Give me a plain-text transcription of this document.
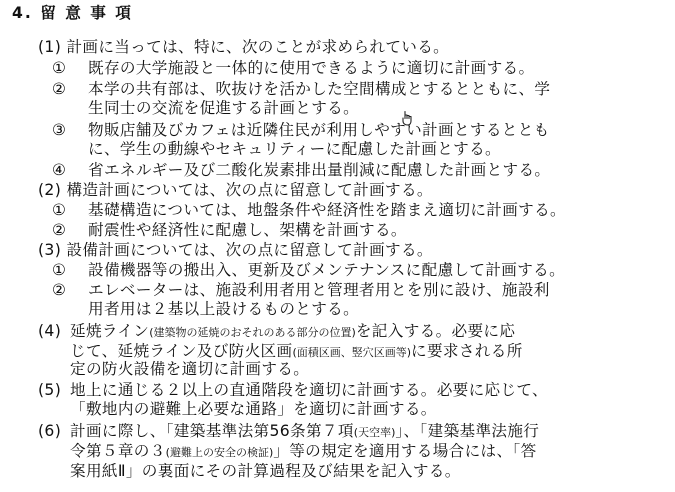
4. 留 意 事 項
(1) 計画に当っては、特に、次のことが求められている。
① 既存の大学施設と一体的に使用できるように適切に計画する。
② 本学の共有部は、吹抜けを活かした空間構成とするとともに、学
生同士の交流を促進する計画とする。
③ 物販店舗及びカフェは近隣住民が利用しやすい計画とするととも
に、学生の動線やセキュリティーに配慮した計画とする。
④ 省エネルギー及び二酸化炭素排出量削減に配慮した計画とする。
(2) 構造計画については、次の点に留意して計画する。
① 基礎構造については、地盤条件や経済性を踏まえ適切に計画する。
② 耐震性や経済性に配慮し、架構を計画する。
(3) 設備計画については、次の点に留意して計画する。
① 設備機器等の搬出入、更新及びメンテナンスに配慮して計画する。
② エレベーターは、施設利用者用と管理者用とを別に設け、施設利
用者用は２基以上設けるものとする。
(4) 延焼ライン(建築物の延焼のおそれのある部分の位置)を記入する。必要に応
じて、延焼ライン及び防火区画(面積区画、竪穴区画等)に要求される所
定の防火設備を適切に計画する。
(5) 地上に通じる２以上の直通階段を適切に計画する。必要に応じて、
「敷地内の避難上必要な通路」を適切に計画する。
(6) 計画に際し、「建築基準法第56条第７項(天空率)」、「建築基準法施行
令第５章の３(避難上の安全の検証)」等の規定を適用する場合には、「答
案用紙Ⅱ」の裏面にその計算過程及び結果を記入する。
